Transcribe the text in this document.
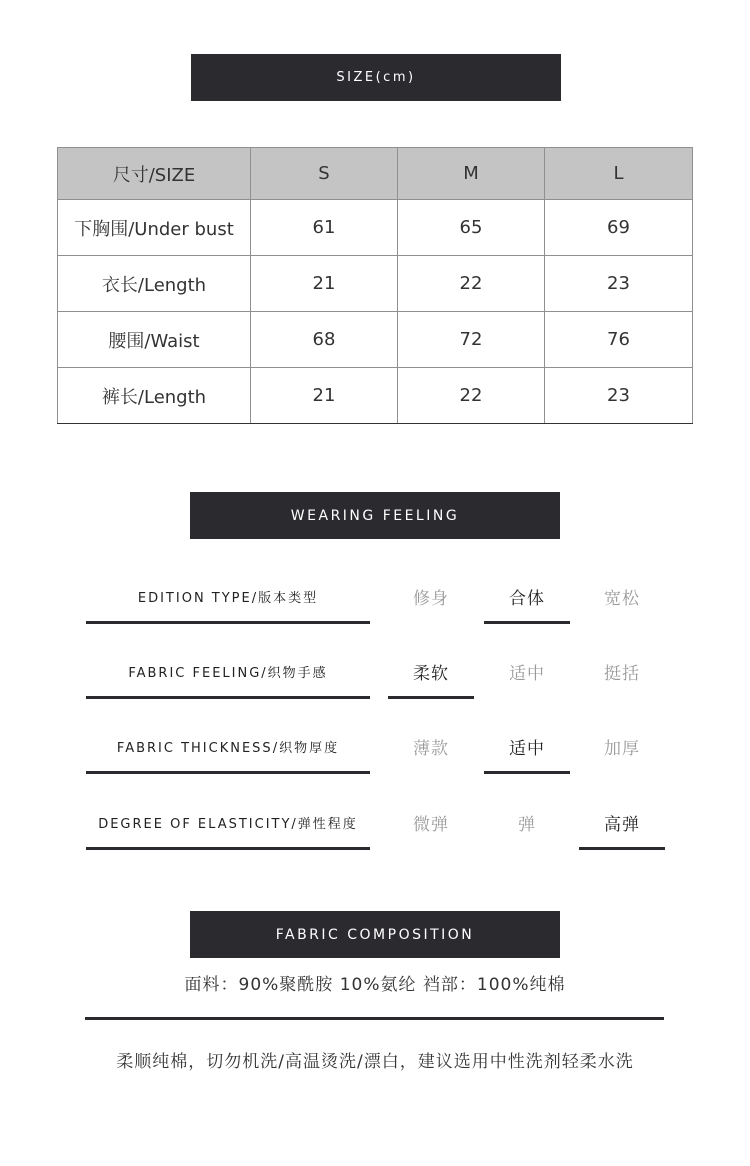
SIZE(cm)
尺寸/SIZE	S	M	L
下胸围/Under bust	61	65	69
衣长/Length	21	22	23
腰围/Waist	68	72	76
裤长/Length	21	22	23
WEARING FEELING
EDITION TYPE/版本类型	修身	合体	宽松
FABRIC FEELING/织物手感	柔软	适中	挺括
FABRIC THICKNESS/织物厚度	薄款	适中	加厚
DEGREE OF ELASTICITY/弹性程度	微弹	弹	高弹
FABRIC COMPOSITION
面料：90%聚酰胺 10%氨纶 裆部：100%纯棉
柔顺纯棉，切勿机洗/高温烫洗/漂白，建议选用中性洗剂轻柔水洗
